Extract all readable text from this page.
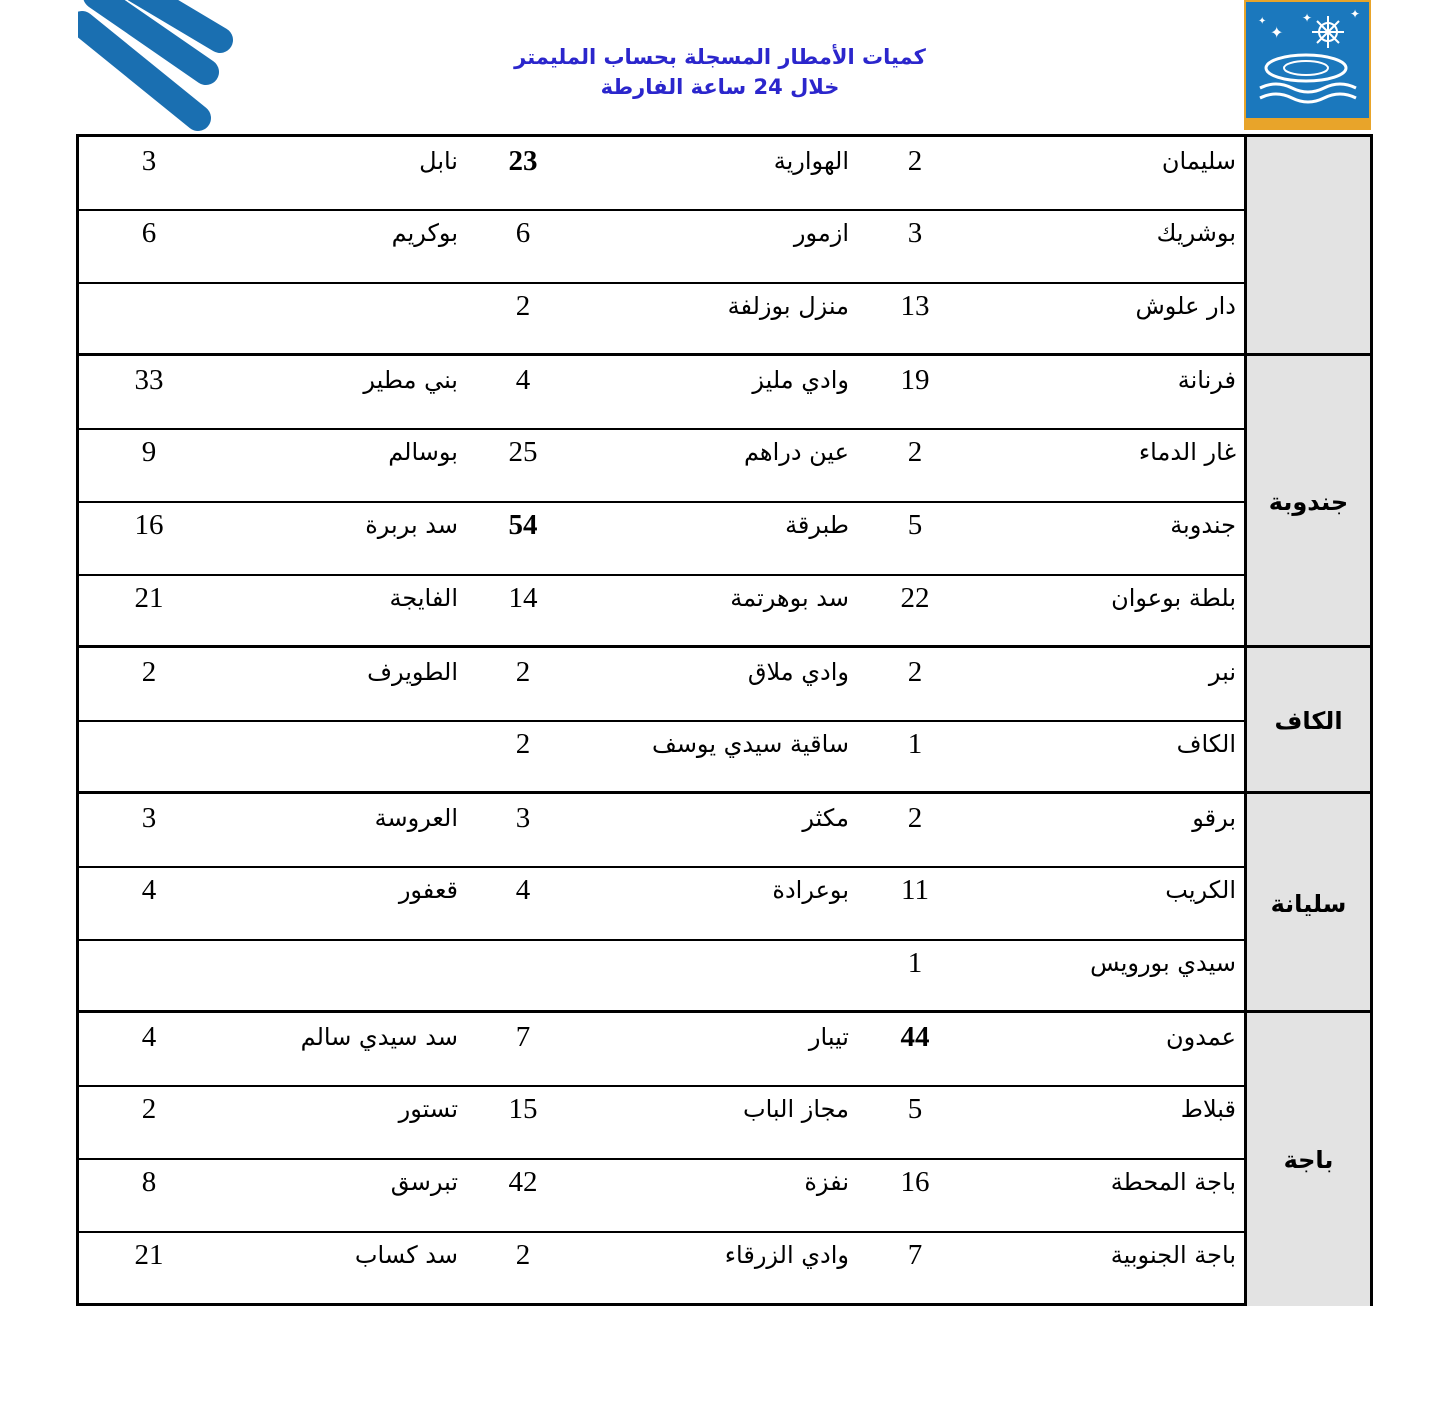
✦
✦	✦
✦
كميات الأمطار المسجلة بحساب المليمتر
خلال 24 ساعة الفارطة
سليمان
2
الهوارية
23
نابل
3
بوشريك
3
ازمور
6
بوكريم
6
دار علوش
13
منزل بوزلفة
2
جندوبة
فرنانة
19
وادي مليز
4
بني مطير
33
غار الدماء
2
عين دراهم
25
بوسالم
9
جندوبة
5
طبرقة
54
سد بربرة
16
بلطة بوعوان
22
سد بوهرتمة
14
الفايجة
21
الكاف
نبر
2
وادي ملاق
2
الطويرف
2
الكاف
1
ساقية سيدي يوسف
2
سليانة
برقو
2
مكثر
3
العروسة
3
الكريب
11
بوعرادة
4
قعفور
4
سيدي بورويس
1
باجة
عمدون
44
تيبار
7
سد سيدي سالم
4
قبلاط
5
مجاز الباب
15
تستور
2
باجة المحطة
16
نفزة
42
تبرسق
8
باجة الجنوبية
7
وادي الزرقاء
2
سد كساب
21
